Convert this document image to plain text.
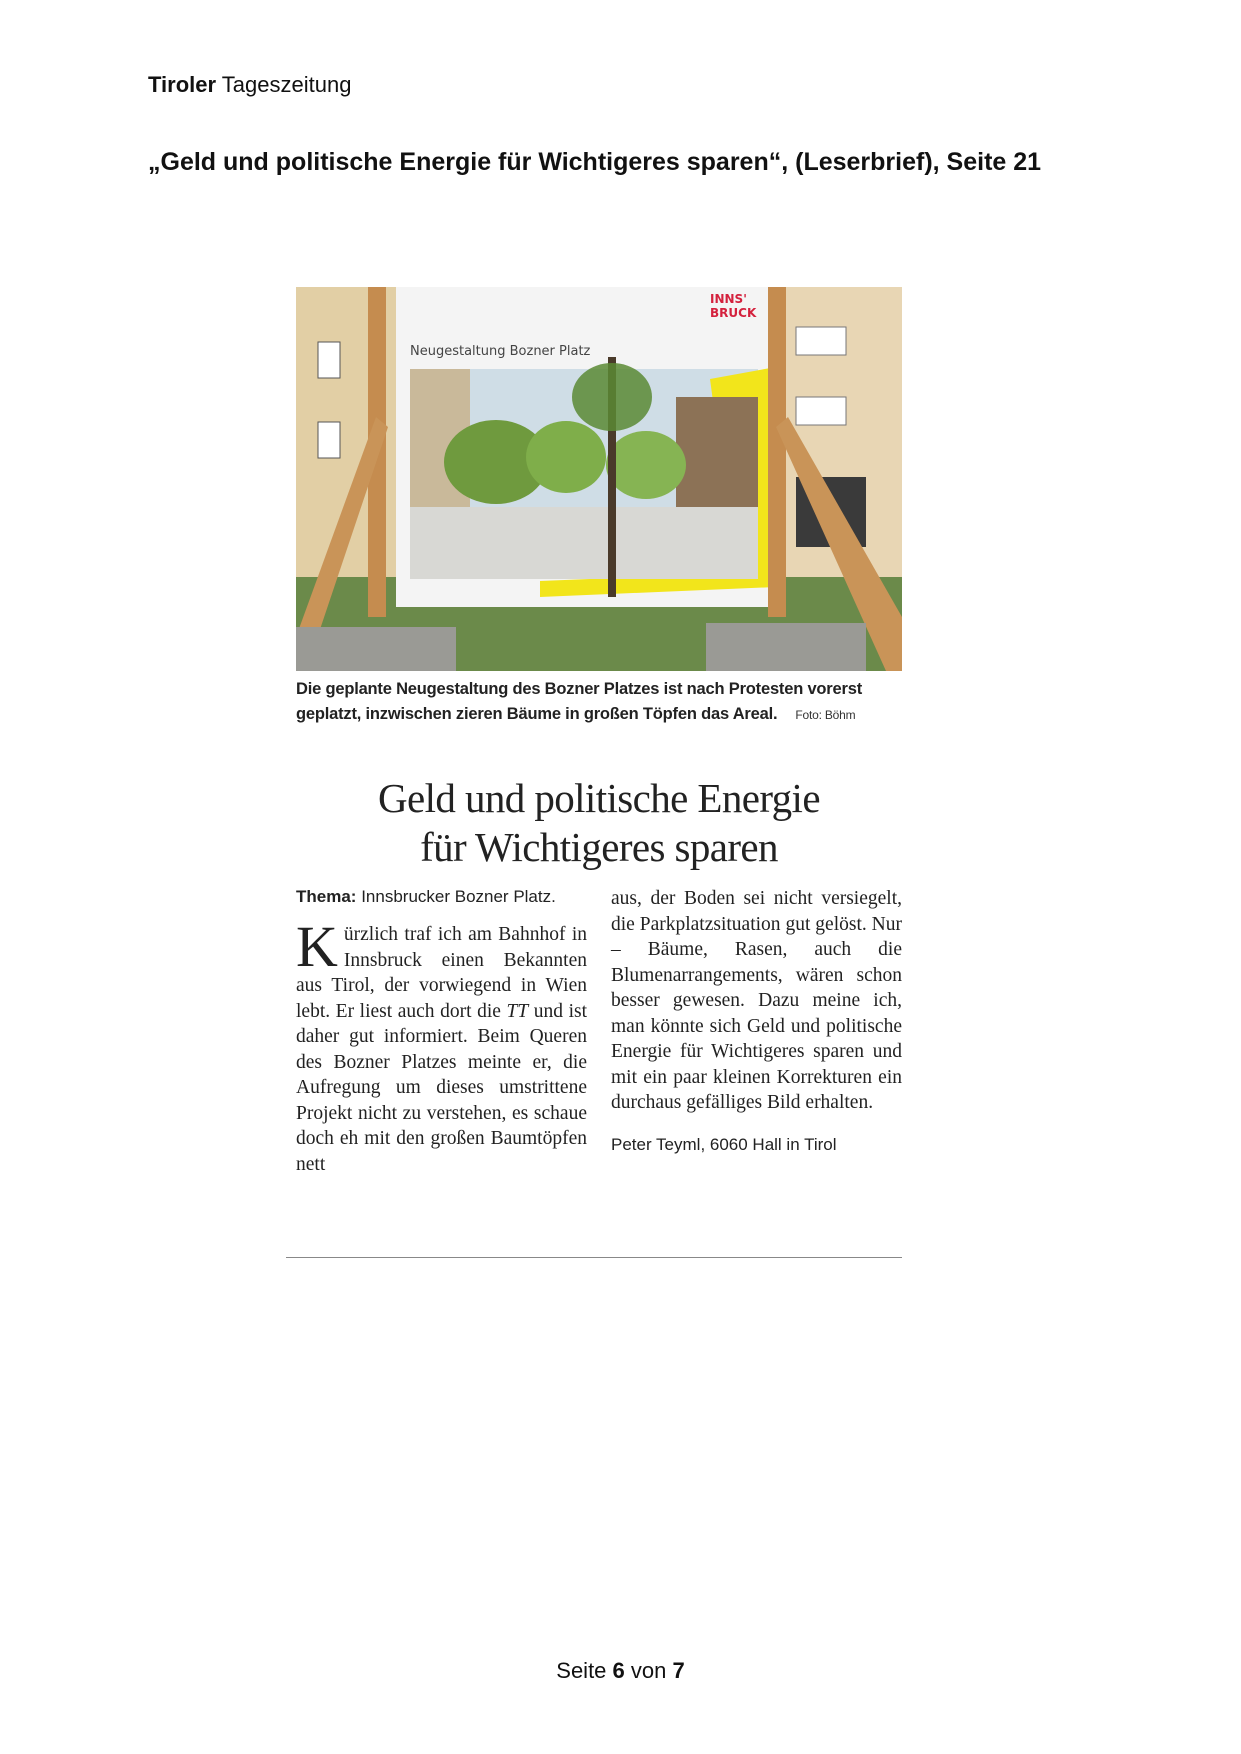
Tiroler Tageszeitung
„Geld und politische Energie für Wichtigeres sparen“, (Leserbrief), Seite 21
Neugestaltung Bozner Platz
INNS'
BRUCK
Die geplante Neugestaltung des Bozner Platzes ist nach Protesten vorerst geplatzt, inzwischen zieren Bäume in großen Töpfen das Areal. Foto: Böhm
Geld und politische Energie
für Wichtigeres sparen
Thema: Innsbrucker Bozner Platz.

Kürzlich traf ich am Bahnhof in Innsbruck einen Bekannten aus Tirol, der vorwiegend in Wien lebt. Er liest auch dort die TT und ist daher gut informiert. Beim Queren des Bozner Platzes meinte er, die Aufregung um dieses umstrittene Projekt nicht zu verstehen, es schaue doch eh mit den großen Baumtöpfen nett

aus, der Boden sei nicht versiegelt, die Parkplatzsituation gut gelöst. Nur – Bäume, Rasen, auch die Blumenarrangements, wären schon besser gewesen. Dazu meine ich, man könnte sich Geld und politische Energie für Wichtigeres sparen und mit ein paar kleinen Korrekturen ein durchaus gefälliges Bild erhalten.

Peter Teyml, 6060 Hall in Tirol
Seite 6 von 7
